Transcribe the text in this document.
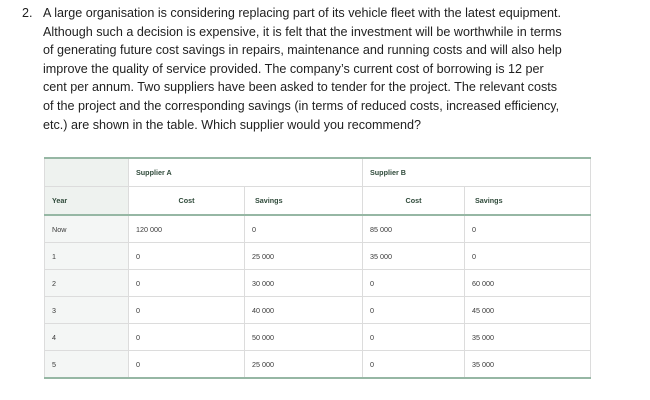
2. A large organisation is considering replacing part of its vehicle fleet with the latest equipment.
Although such a decision is expensive, it is felt that the investment will be worthwhile in terms
of generating future cost savings in repairs, maintenance and running costs and will also help
improve the quality of service provided. The company’s current cost of borrowing is 12 per
cent per annum. Two suppliers have been asked to tender for the project. The relevant costs
of the project and the corresponding savings (in terms of reduced costs, increased efficiency,
etc.) are shown in the table. Which supplier would you recommend?
	Supplier A		Supplier B	
Year	Cost	Savings	Cost	Savings
Now	120 000	0	85 000	0
1	0	25 000	35 000	0
2	0	30 000	0	60 000
3	0	40 000	0	45 000
4	0	50 000	0	35 000
5	0	25 000	0	35 000
